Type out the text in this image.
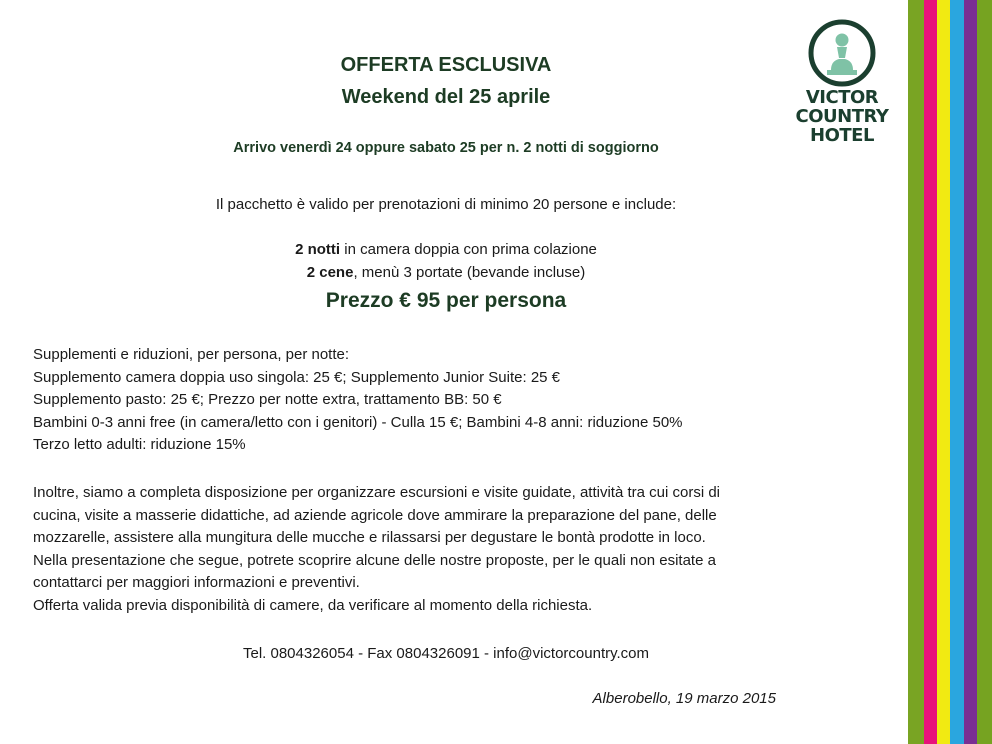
OFFERTA ESCLUSIVA
Weekend del 25 aprile
Arrivo venerdì 24 oppure sabato 25 per n. 2 notti di soggiorno
Il pacchetto è valido per prenotazioni di minimo 20 persone e include:
2 notti in camera doppia con prima colazione
2 cene, menù 3 portate (bevande incluse)
Prezzo € 95 per persona
Supplementi e riduzioni, per persona, per notte:
Supplemento camera doppia uso singola: 25 €; Supplemento Junior Suite: 25 €
Supplemento pasto: 25 €; Prezzo per notte extra, trattamento BB: 50 €
Bambini 0-3 anni free (in camera/letto con i genitori) - Culla 15 €; Bambini 4-8 anni: riduzione 50%
Terzo letto adulti: riduzione 15%
Inoltre, siamo a completa disposizione per organizzare escursioni e visite guidate, attività tra cui corsi di
cucina, visite a masserie didattiche, ad aziende agricole dove ammirare la preparazione del pane, delle
mozzarelle, assistere alla mungitura delle mucche e rilassarsi per degustare le bontà prodotte in loco.
Nella presentazione che segue, potrete scoprire alcune delle nostre proposte, per le quali non esitate a
contattarci per maggiori informazioni e preventivi.
Offerta valida previa disponibilità di camere, da verificare al momento della richiesta.
Tel. 0804326054 - Fax 0804326091 - info@victorcountry.com
Alberobello, 19 marzo 2015
VICTOR
COUNTRY
HOTEL
